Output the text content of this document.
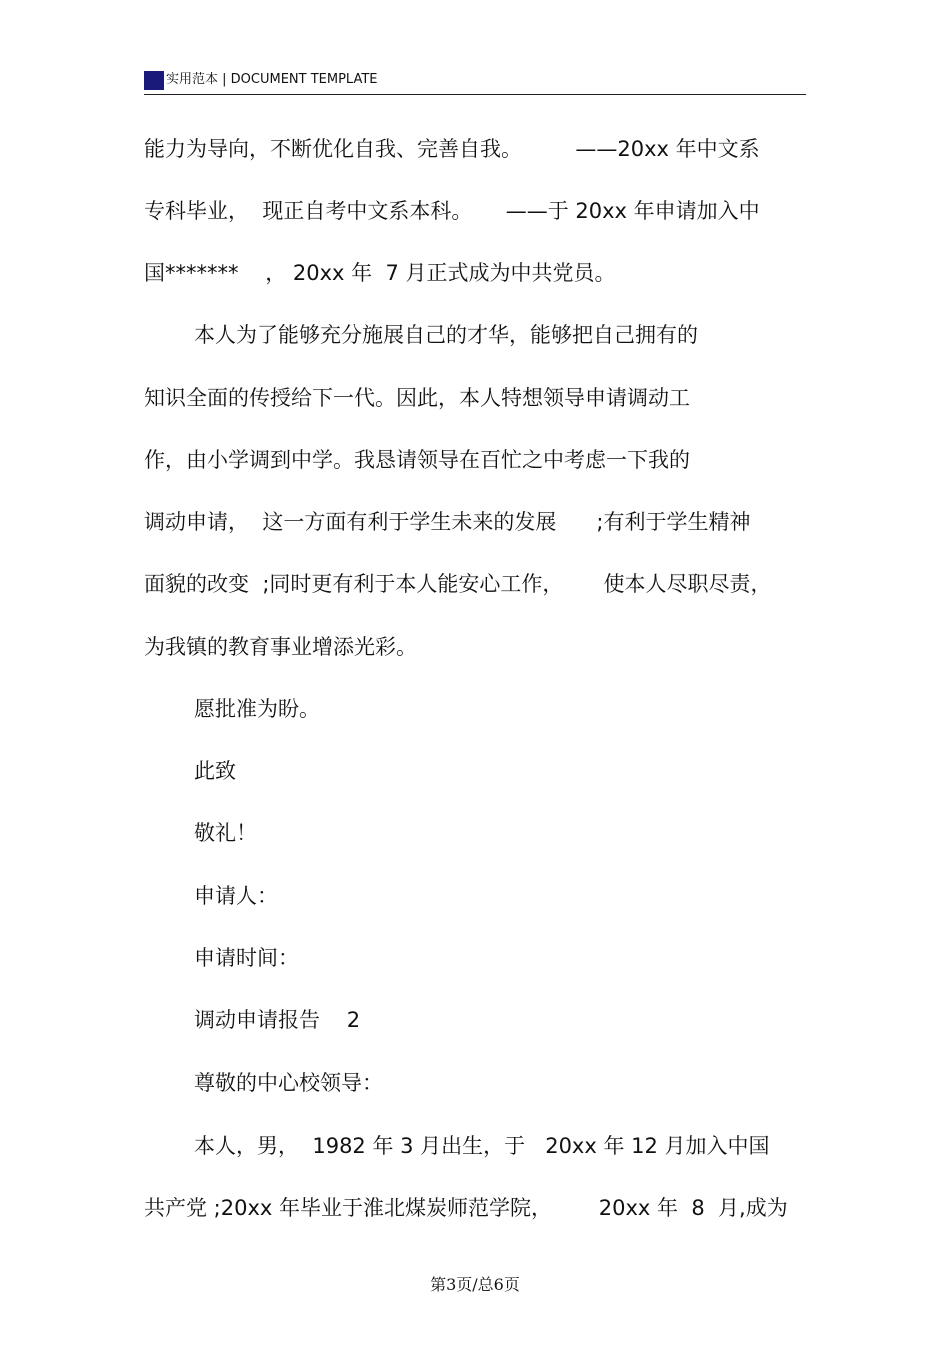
实用范本 | DOCUMENT TEMPLATE
能力为导向，不断优化自我、完善自我。        ——20xx 年中文系
专科毕业，  现正自考中文系本科。     ——于 20xx 年申请加入中
国*******    ， 20xx 年  7 月正式成为中共党员。
本人为了能够充分施展自己的才华，能够把自己拥有的
知识全面的传授给下一代。因此，本人特想领导申请调动工
作，由小学调到中学。我恳请领导在百忙之中考虑一下我的
调动申请，  这一方面有利于学生未来的发展      ;有利于学生精神
面貌的改变  ;同时更有利于本人能安心工作，      使本人尽职尽责，
为我镇的教育事业增添光彩。
愿批准为盼。
此致
敬礼！
申请人：
申请时间：
调动申请报告    2
尊敬的中心校领导：
本人，男，  1982 年 3 月出生，于   20xx 年 12 月加入中国
共产党 ;20xx 年毕业于淮北煤炭师范学院，       20xx 年  8  月,成为
第3页/总6页
